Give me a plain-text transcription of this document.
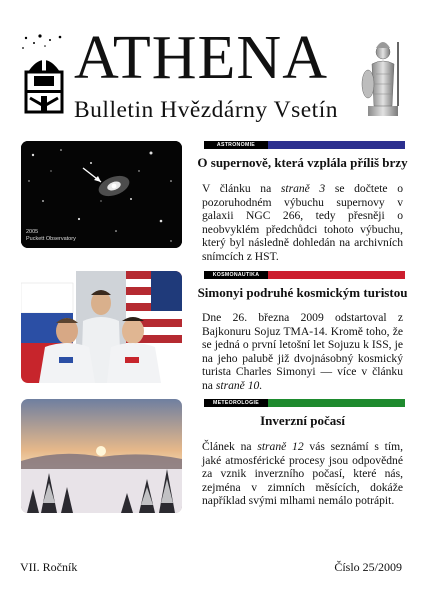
ATHENA
Bulletin Hvězdárny Vsetín
2005
Puckett Observatory
ASTRONOMIE
O supernově, která vzplála příliš brzy
V článku na straně 3 se dočtete o pozoruhodném výbuchu supernovy v galaxii NGC 266, tedy přesněji o neobvyklém předchůdci tohoto výbuchu, který byl následně dohledán na archivních snímcích z HST.
KOSMONAUTIKA
Simonyi podruhé kosmickým turistou
Dne 26. března 2009 odstartoval z Bajkonuru Sojuz TMA-14. Kromě toho, že se jedná o první letošní let Sojuzu k ISS, je na jeho palubě již dvojnásobný kosmický turista Charles Simonyi — více v článku na straně 10.
METEOROLOGIE
Inverzní počasí
Článek na straně 12 vás seznámí s tím, jaké atmosférické procesy jsou odpovědné za vznik inverzního počasí, které nás, zejména v zimních měsících, dokáže například svými mlhami nemálo potrápit.
VII. Ročník	Číslo 25/2009
